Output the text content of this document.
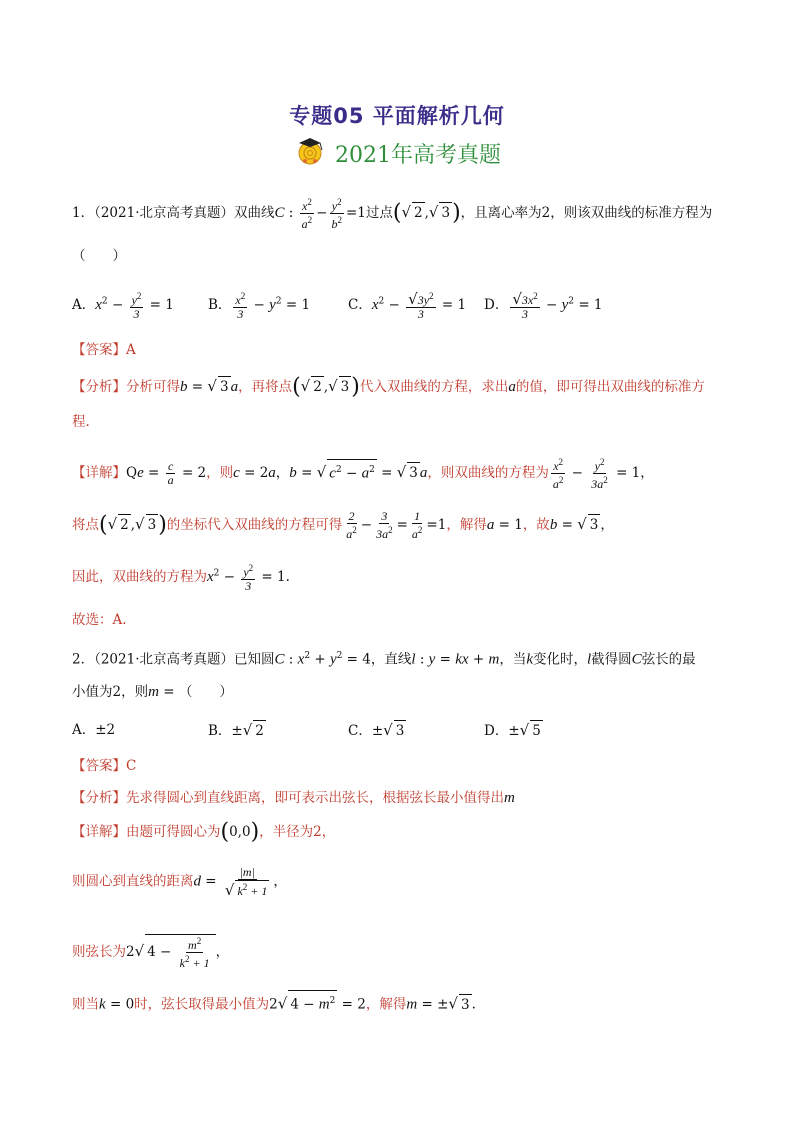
专题05 平面解析几何
2021年高考真题
1．（2021·北京高考真题）双曲线C : $\frac{x^2}{a^2} - \frac{y^2}{b^2} =1$过点(√ 2 ,√ 3)，且离心率为2，则该双曲线的标准方程为
（　　）
A．$x^2 - \frac{y^2}{3} = 1$	B． $\frac{x^2}{3} - y^2 = 1$	C．$x^2 - \frac{√3y^2}{3} = 1$ D． $\frac{√3x^2}{3} - y^2 = 1$
【答案】A
【分析】分析可得b = √ 3 a，再将点(√ 2 ,√ 3)代入双曲线的方程，求出a的值，即可得出双曲线的标准方
程.
【详解】$Qe = \frac{c}{a} = 2$，则c = 2a，b = √ $c^2 - a^2$ = √ 3 a，则双曲线的方程为 $\frac{x^2}{a^2} - \frac{y^2}{3a^2} = 1$，
将点(√ 2 ,√ 3)的坐标代入双曲线的方程可得 $\frac{2}{a^2} - \frac{3}{3a^2} = \frac{1}{a^2} =1$，解得a = 1，故b = √ 3 ，
因此，双曲线的方程为$x^2 - \frac{y^2}{3} = 1$.
故选：A.
2．（2021·北京高考真题）已知圆C : $x^2 + y^2 = 4$，直线l : y = kx + m，当k变化时，l截得圆C弦长的最
小值为2，则m = （　　）
A．±2	B．±√ 2	C．±√ 3	D．±√ 5
【答案】C
【分析】先求得圆心到直线距离，即可表示出弦长，根据弦长最小值得出m
【详解】由题可得圆心为(0,0)，半径为2，
则圆心到直线的距离$d = \frac{|m|}{√ k^2 + 1}$ ，
则弦长为2√ $4 - \frac{m^2}{k^2 + 1}$ ，
则当k = 0时，弦长取得最小值为2√ $4 - m^2 = 2$，解得m = ±√ 3 .
